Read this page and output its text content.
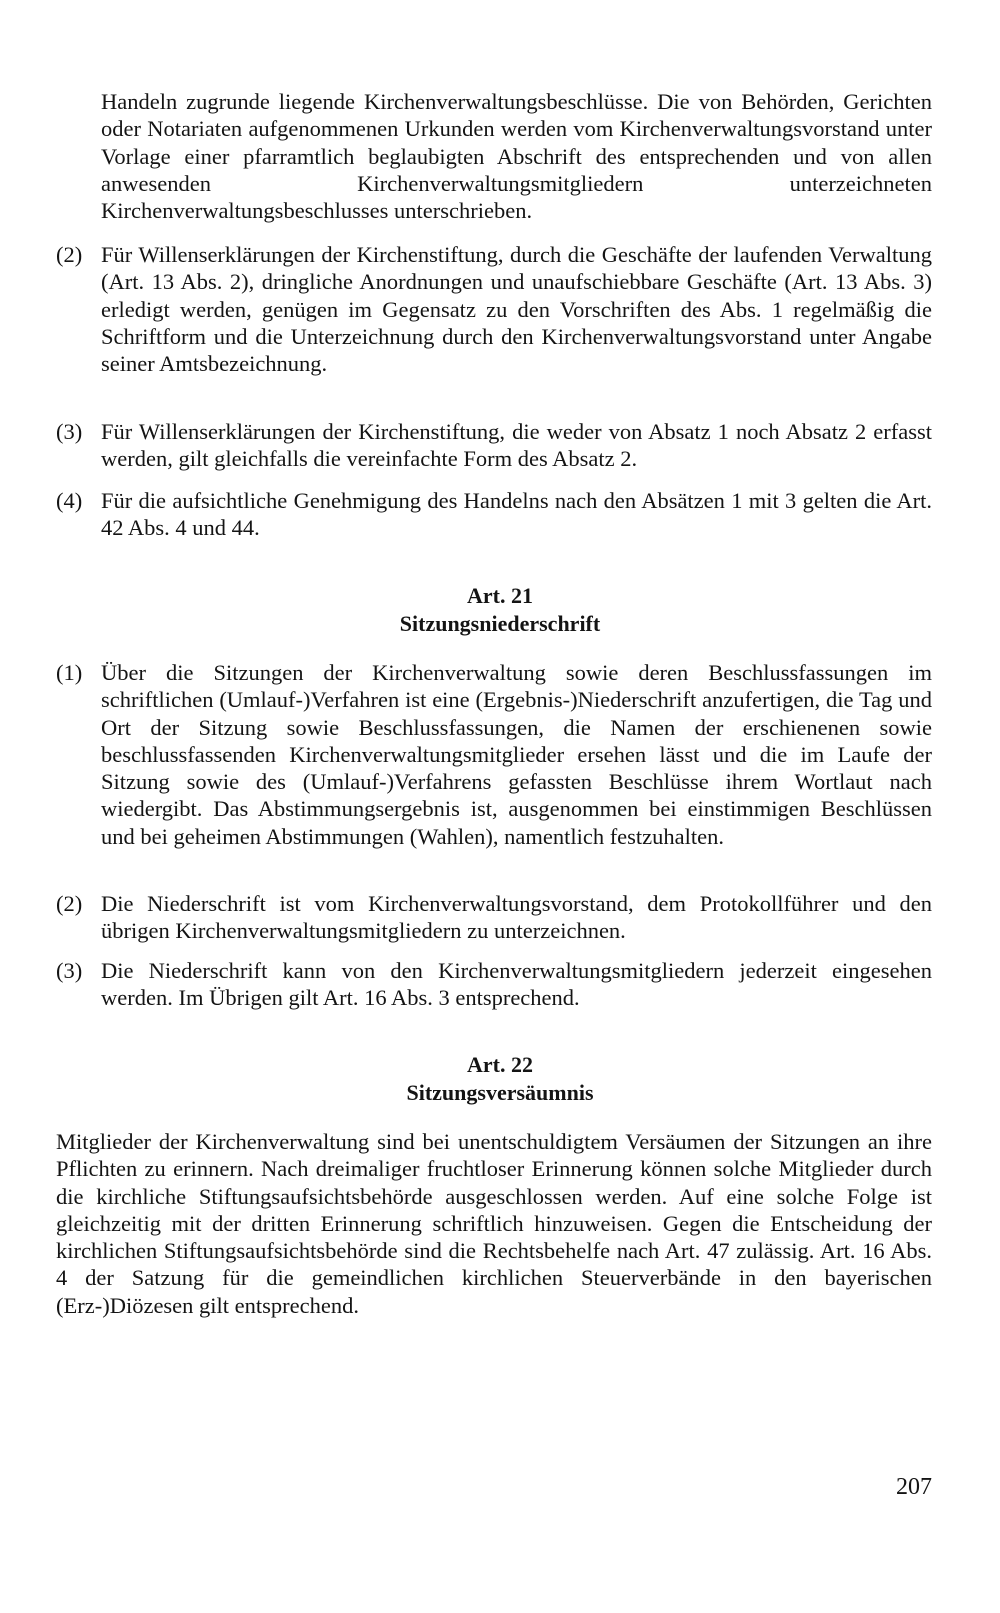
Handeln zugrunde liegende Kirchenverwaltungsbeschlüsse. Die von Behörden, Gerichten oder Notariaten aufgenommenen Urkunden werden vom Kirchenverwaltungsvorstand unter Vorlage einer pfarramtlich beglaubigten Abschrift des entsprechenden und von allen anwesenden Kirchenverwaltungsmitgliedern unterzeichneten Kirchenverwaltungsbeschlusses unterschrieben.

(2) Für Willenserklärungen der Kirchenstiftung, durch die Geschäfte der laufenden Verwaltung (Art. 13 Abs. 2), dringliche Anordnungen und unaufschiebbare Geschäfte (Art. 13 Abs. 3) erledigt werden, genügen im Gegensatz zu den Vorschriften des Abs. 1 regelmäßig die Schriftform und die Unterzeichnung durch den Kirchenverwaltungsvorstand unter Angabe seiner Amtsbezeichnung.
(3) Für Willenserklärungen der Kirchenstiftung, die weder von Absatz 1 noch Absatz 2 erfasst werden, gilt gleichfalls die vereinfachte Form des Absatz 2.
(4) Für die aufsichtliche Genehmigung des Handelns nach den Absätzen 1 mit 3 gelten die Art. 42 Abs. 4 und 44.

Art. 21

Sitzungsniederschrift

(1) Über die Sitzungen der Kirchenverwaltung sowie deren Beschlussfassungen im schriftlichen (Umlauf-)Verfahren ist eine (Ergebnis-)Niederschrift anzufertigen, die Tag und Ort der Sitzung sowie Beschlussfassungen, die Namen der erschienenen sowie beschlussfassenden Kirchenverwaltungsmitglieder ersehen lässt und die im Laufe der Sitzung sowie des (Umlauf-)Verfahrens gefassten Beschlüsse ihrem Wortlaut nach wiedergibt. Das Abstimmungsergebnis ist, ausgenommen bei einstimmigen Beschlüssen und bei geheimen Abstimmungen (Wahlen), namentlich festzuhalten.
(2) Die Niederschrift ist vom Kirchenverwaltungsvorstand, dem Protokollführer und den übrigen Kirchenverwaltungsmitgliedern zu unterzeichnen.
(3) Die Niederschrift kann von den Kirchenverwaltungsmitgliedern jederzeit eingesehen werden. Im Übrigen gilt Art. 16 Abs. 3 entsprechend.

Art. 22

Sitzungsversäumnis

Mitglieder der Kirchenverwaltung sind bei unentschuldigtem Versäumen der Sitzungen an ihre Pflichten zu erinnern. Nach dreimaliger fruchtloser Erinnerung können solche Mitglieder durch die kirchliche Stiftungsaufsichtsbehörde ausgeschlossen werden. Auf eine solche Folge ist gleichzeitig mit der dritten Erinnerung schriftlich hinzuweisen. Gegen die Entscheidung der kirchlichen Stiftungsaufsichtsbehörde sind die Rechtsbehelfe nach Art. 47 zulässig. Art. 16 Abs. 4 der Satzung für die gemeindlichen kirchlichen Steuerverbände in den bayerischen (Erz-)Diözesen gilt entsprechend.

207
